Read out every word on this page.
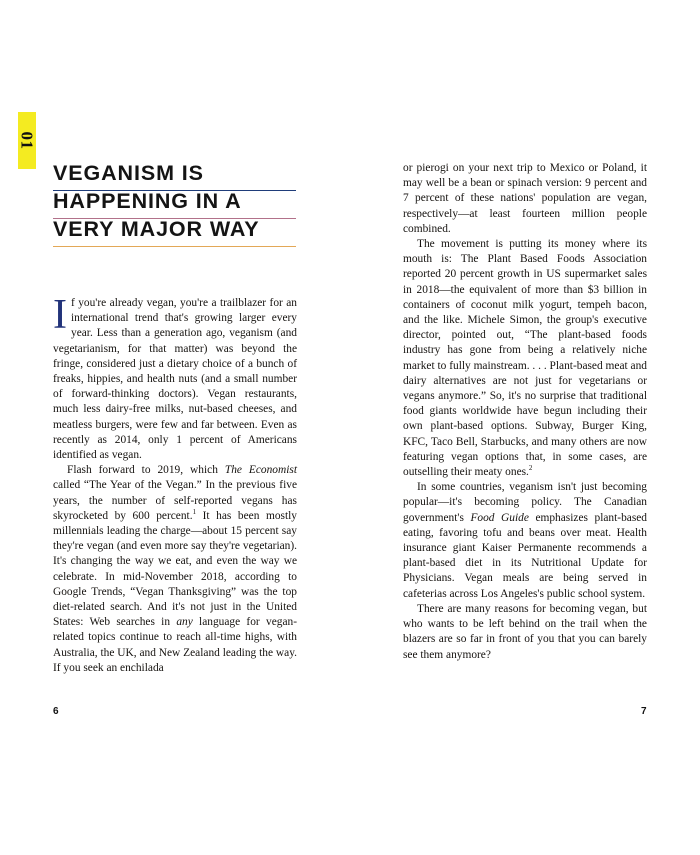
01
VEGANISM IS
HAPPENING IN A
VERY MAJOR WAY

If you're already vegan, you're a trailblazer for an international trend that's growing larger every year. Less than a generation ago, veganism (and vegetarianism, for that matter) was beyond the fringe, considered just a dietary choice of a bunch of freaks, hippies, and health nuts (and a small number of forward-thinking doctors). Vegan restaurants, much less dairy-free milks, nut-based cheeses, and meatless burgers, were few and far between. Even as recently as 2014, only 1 percent of Americans identified as vegan.

Flash forward to 2019, which The Economist called “The Year of the Vegan.” In the previous five years, the number of self-reported vegans has skyrocketed by 600 percent.$^1$ It has been mostly millennials leading the charge—about 15 percent say they're vegan (and even more say they're vegetarian). It's changing the way we eat, and even the way we celebrate. In mid-November 2018, according to Google Trends, “Vegan Thanksgiving” was the top diet-related search. And it's not just in the United States: Web searches in any language for vegan-related topics continue to reach all-time highs, with Australia, the UK, and New Zealand leading the way. If you seek an enchilada

or pierogi on your next trip to Mexico or Poland, it may well be a bean or spinach version: 9 percent and 7 percent of these nations' population are vegan, respectively—at least fourteen million people combined.

The movement is putting its money where its mouth is: The Plant Based Foods Association reported 20 percent growth in US supermarket sales in 2018—the equivalent of more than $3 billion in containers of coconut milk yogurt, tempeh bacon, and the like. Michele Simon, the group's executive director, pointed out, “The plant-based foods industry has gone from being a relatively niche market to fully mainstream. . . . Plant-based meat and dairy alternatives are not just for vegetarians or vegans anymore.” So, it's no surprise that traditional food giants worldwide have begun including their own plant-based options. Subway, Burger King, KFC, Taco Bell, Starbucks, and many others are now featuring vegan options that, in some cases, are outselling their meaty ones.$^2$

In some countries, veganism isn't just becoming popular—it's becoming policy. The Canadian government's Food Guide emphasizes plant-based eating, favoring tofu and beans over meat. Health insurance giant Kaiser Permanente recommends a plant-based diet in its Nutritional Update for Physicians. Vegan meals are being served in cafeterias across Los Angeles's public school system.

There are many reasons for becoming vegan, but who wants to be left behind on the trail when the blazers are so far in front of you that you can barely see them anymore?

6	7
